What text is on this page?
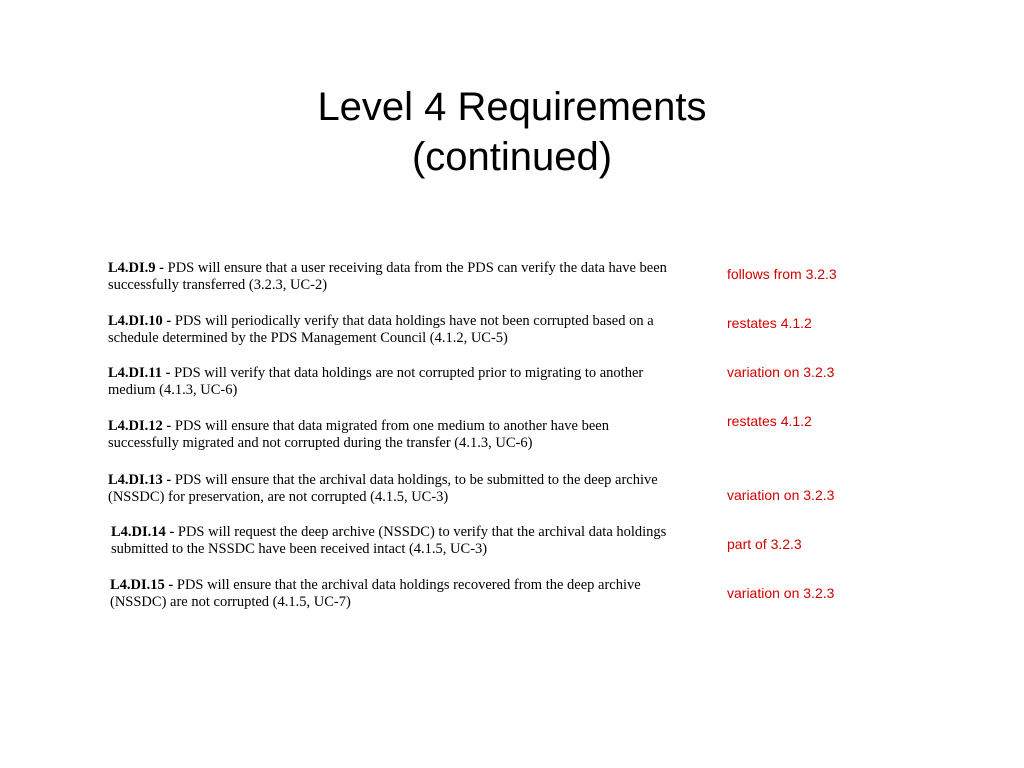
Level 4 Requirements
(continued)
L4.DI.9 - PDS will ensure that a user receiving data from the PDS can verify the data have been successfully transferred (3.2.3, UC-2)
L4.DI.10 - PDS will periodically verify that data holdings have not been corrupted based on a schedule determined by the PDS Management Council (4.1.2, UC-5)
L4.DI.11 - PDS will verify that data holdings are not corrupted prior to migrating to another medium (4.1.3, UC-6)
L4.DI.12 - PDS will ensure that data migrated from one medium to another have been successfully migrated and not corrupted during the transfer (4.1.3, UC-6)
L4.DI.13 - PDS will ensure that the archival data holdings, to be submitted to the deep archive (NSSDC) for preservation, are not corrupted (4.1.5, UC-3)
L4.DI.14 - PDS will request the deep archive (NSSDC) to verify that the archival data holdings submitted to the NSSDC have been received intact (4.1.5, UC-3)
L4.DI.15 - PDS will ensure that the archival data holdings recovered from the deep archive (NSSDC) are not corrupted (4.1.5, UC-7)
follows from 3.2.3
restates 4.1.2
variation on 3.2.3
restates 4.1.2
variation on 3.2.3
part of 3.2.3
variation on 3.2.3
